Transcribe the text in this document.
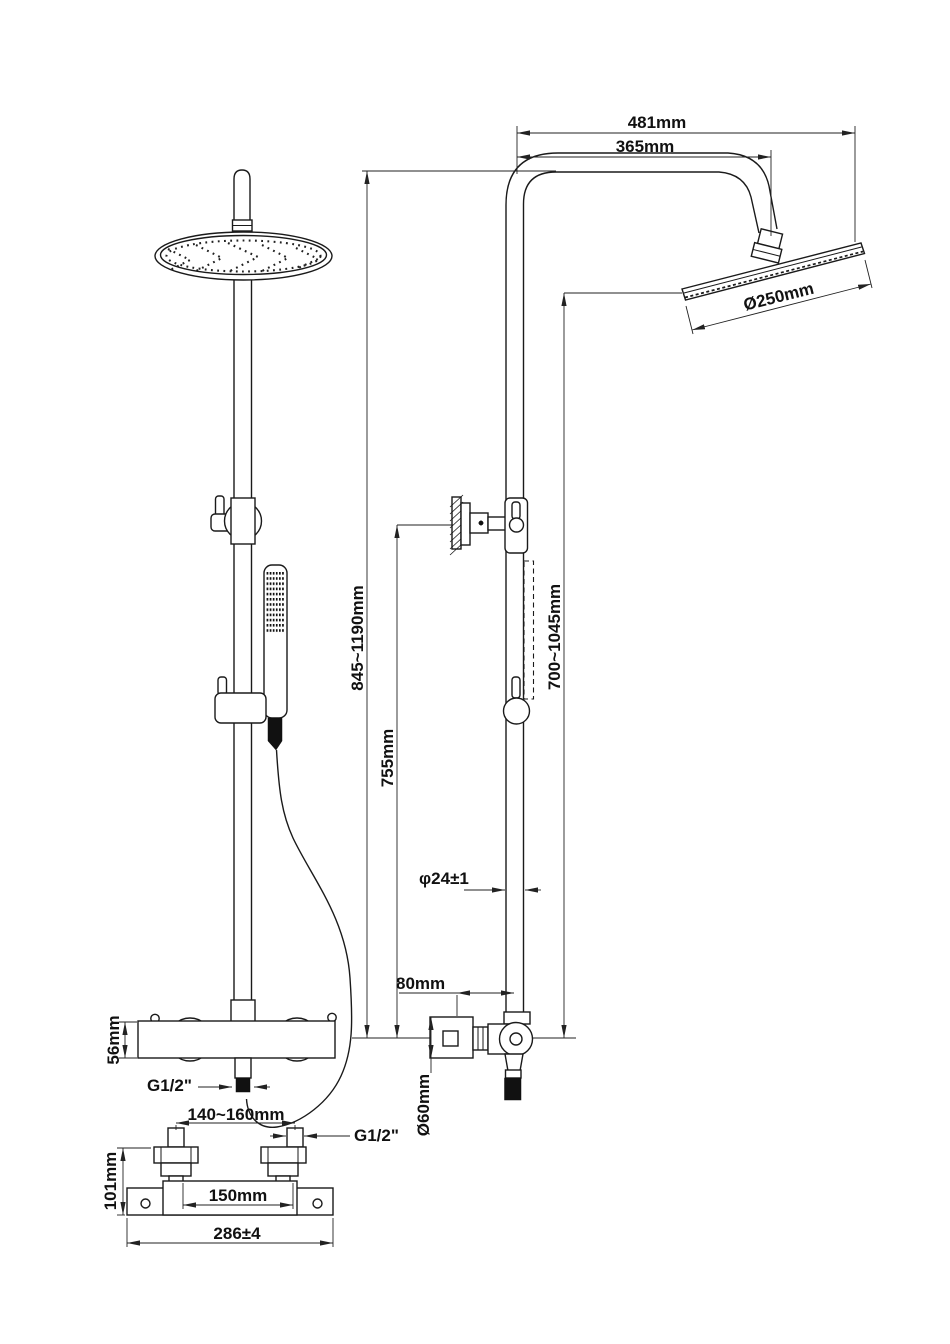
481mm
365mm
Ø250mm
845~1190mm
755mm
700~1045mm
φ24±1
80mm
Ø60mm
56mm
G1/2"
140~160mm
G1/2"
101mm	150mm
286±4
